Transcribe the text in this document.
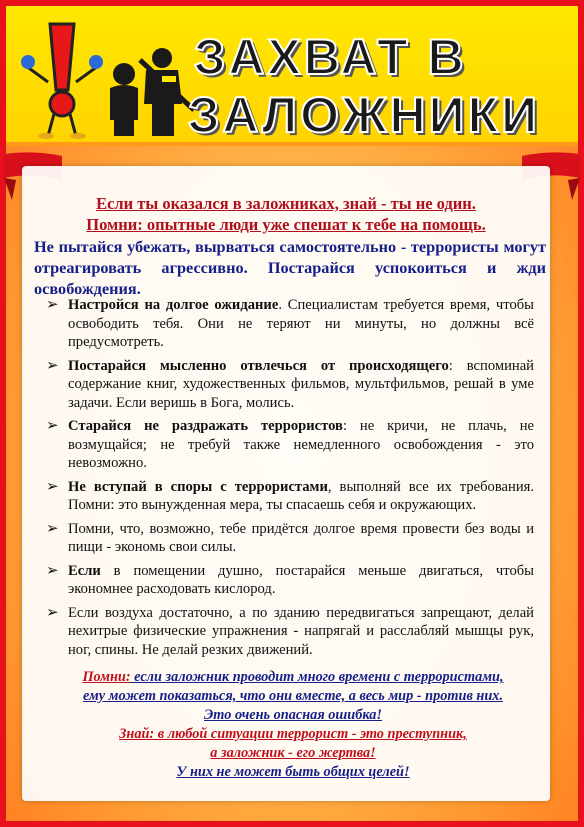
ЗАХВАТ В
ЗАЛОЖНИКИ

Если ты оказался в заложниках, знай - ты не один.

Помни: опытные люди уже спешат к тебе на помощь.

Не пытайся убежать, вырваться самостоятельно - террористы могут отреагировать агрессивно. Постарайся успокоиться и жди освобождения.
➢ Настройся на долгое ожидание. Специалистам требуется время, чтобы освободить тебя. Они не теряют ни минуты, но должны всё предусмотреть.
➢ Постарайся мысленно отвлечься от происходящего: вспоминай содержание книг, художественных фильмов, мультфильмов, решай в уме задачи. Если веришь в Бога, молись.
➢ Старайся не раздражать террористов: не кричи, не плачь, не возмущайся; не требуй также немедленного освобождения - это невозможно.
➢ Не вступай в споры с террористами, выполняй все их требования. Помни: это вынужденная мера, ты спасаешь себя и окружающих.
➢ Помни, что, возможно, тебе придётся долгое время провести без воды и пищи - экономь свои силы.
➢ Если в помещении душно, постарайся меньше двигаться, чтобы экономнее расходовать кислород.
➢ Если воздуха достаточно, а по зданию передвигаться запрещают, делай нехитрые физические упражнения - напрягай и расслабляй мышцы рук, ног, спины. Не делай резких движений.
Помни: если заложник проводит много времени с террористами,
ему может показаться, что они вместе, а весь мир - против них.
Это очень опасная ошибка!
Знай: в любой ситуации террорист - это преступник,
а заложник - его жертва!
У них не может быть общих целей!
